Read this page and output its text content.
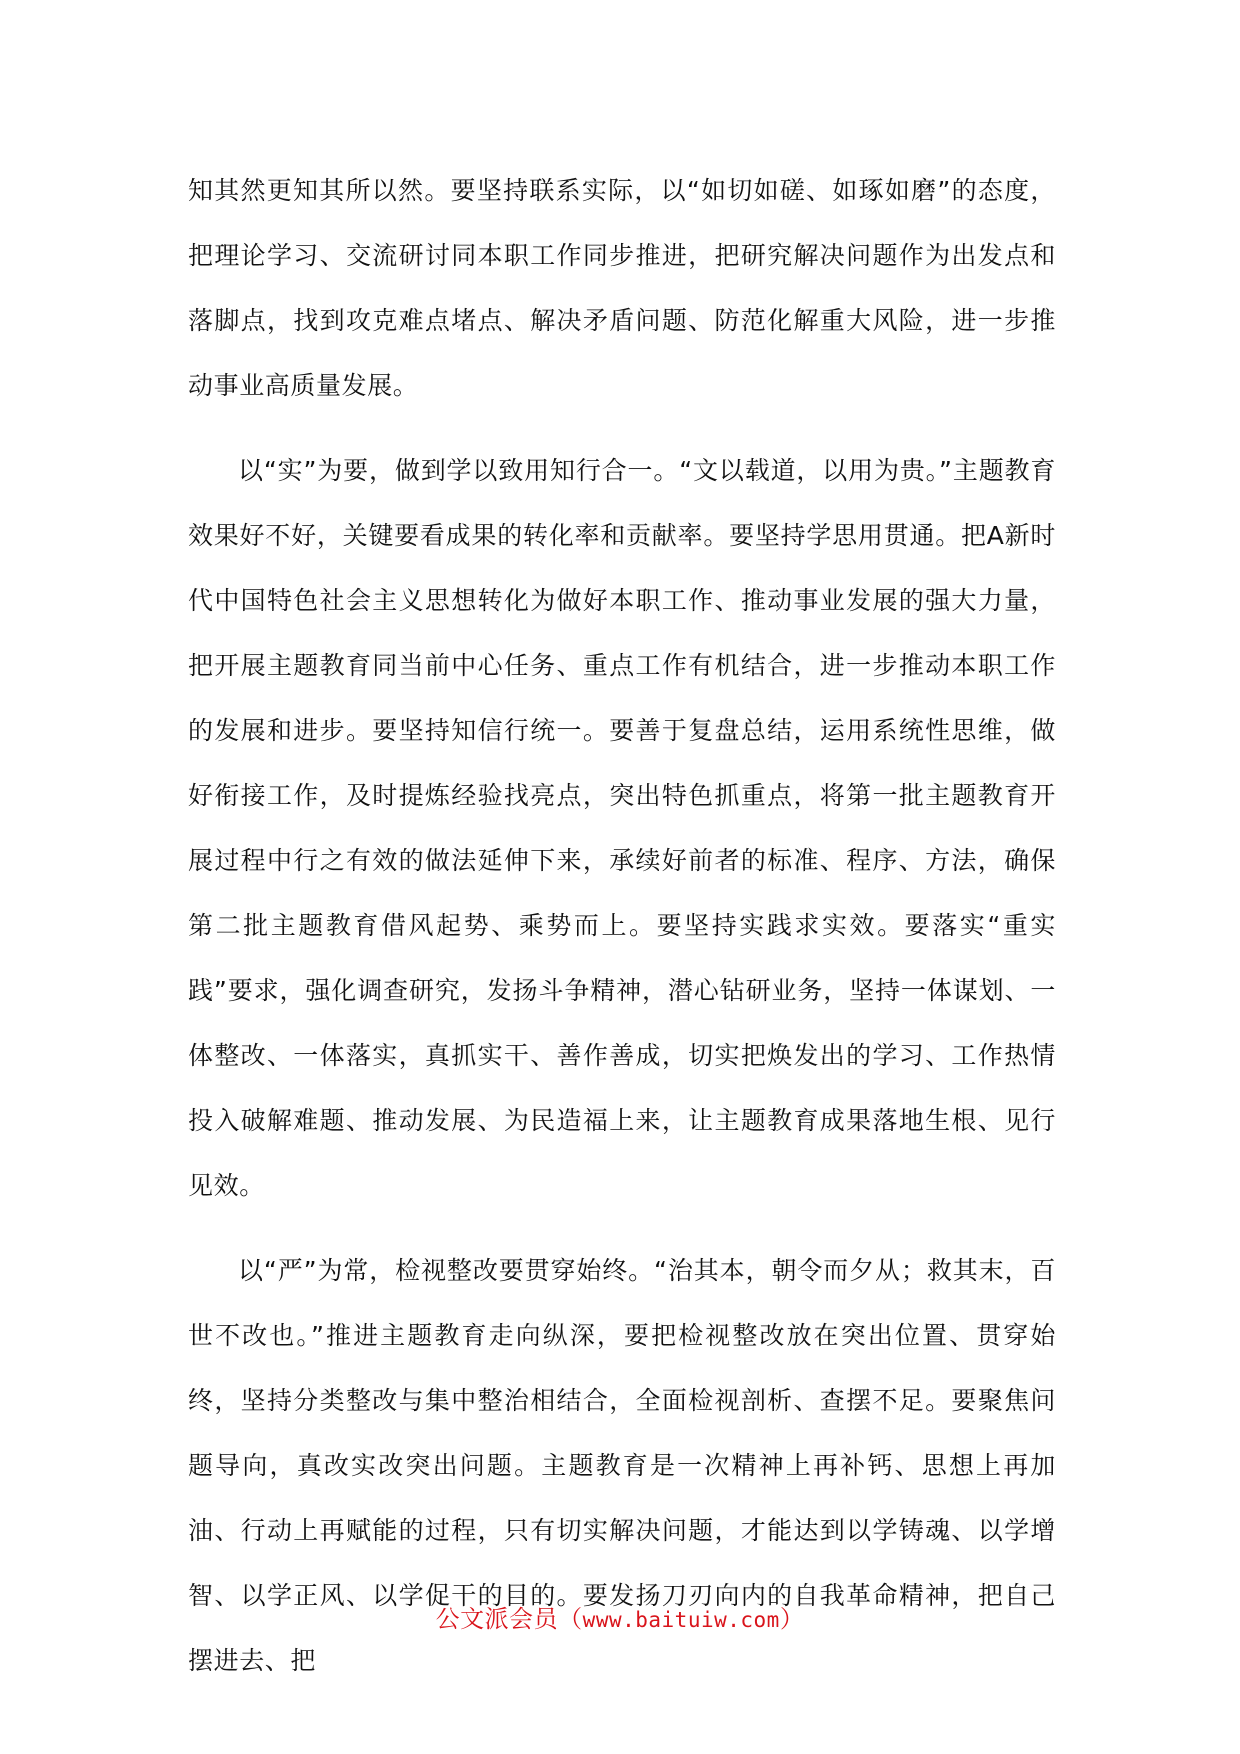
知其然更知其所以然。要坚持联系实际，以“如切如磋、如琢如磨”的态度，把理论学习、交流研讨同本职工作同步推进，把研究解决问题作为出发点和落脚点，找到攻克难点堵点、解决矛盾问题、防范化解重大风险，进一步推动事业高质量发展。

以“实”为要，做到学以致用知行合一。“文以载道，以用为贵。”主题教育效果好不好，关键要看成果的转化率和贡献率。要坚持学思用贯通。把A新时代中国特色社会主义思想转化为做好本职工作、推动事业发展的强大力量，把开展主题教育同当前中心任务、重点工作有机结合，进一步推动本职工作的发展和进步。要坚持知信行统一。要善于复盘总结，运用系统性思维，做好衔接工作，及时提炼经验找亮点，突出特色抓重点，将第一批主题教育开展过程中行之有效的做法延伸下来，承续好前者的标准、程序、方法，确保第二批主题教育借风起势、乘势而上。要坚持实践求实效。要落实“重实践”要求，强化调查研究，发扬斗争精神，潜心钻研业务，坚持一体谋划、一体整改、一体落实，真抓实干、善作善成，切实把焕发出的学习、工作热情投入破解难题、推动发展、为民造福上来，让主题教育成果落地生根、见行见效。

以“严”为常，检视整改要贯穿始终。“治其本，朝令而夕从；救其末，百世不改也。”推进主题教育走向纵深，要把检视整改放在突出位置、贯穿始终，坚持分类整改与集中整治相结合，全面检视剖析、查摆不足。要聚焦问题导向，真改实改突出问题。主题教育是一次精神上再补钙、思想上再加油、行动上再赋能的过程，只有切实解决问题，才能达到以学铸魂、以学增智、以学正风、以学促干的目的。要发扬刀刃向内的自我革命精神，把自己摆进去、把

公文派会员（www.baituiw.com）
